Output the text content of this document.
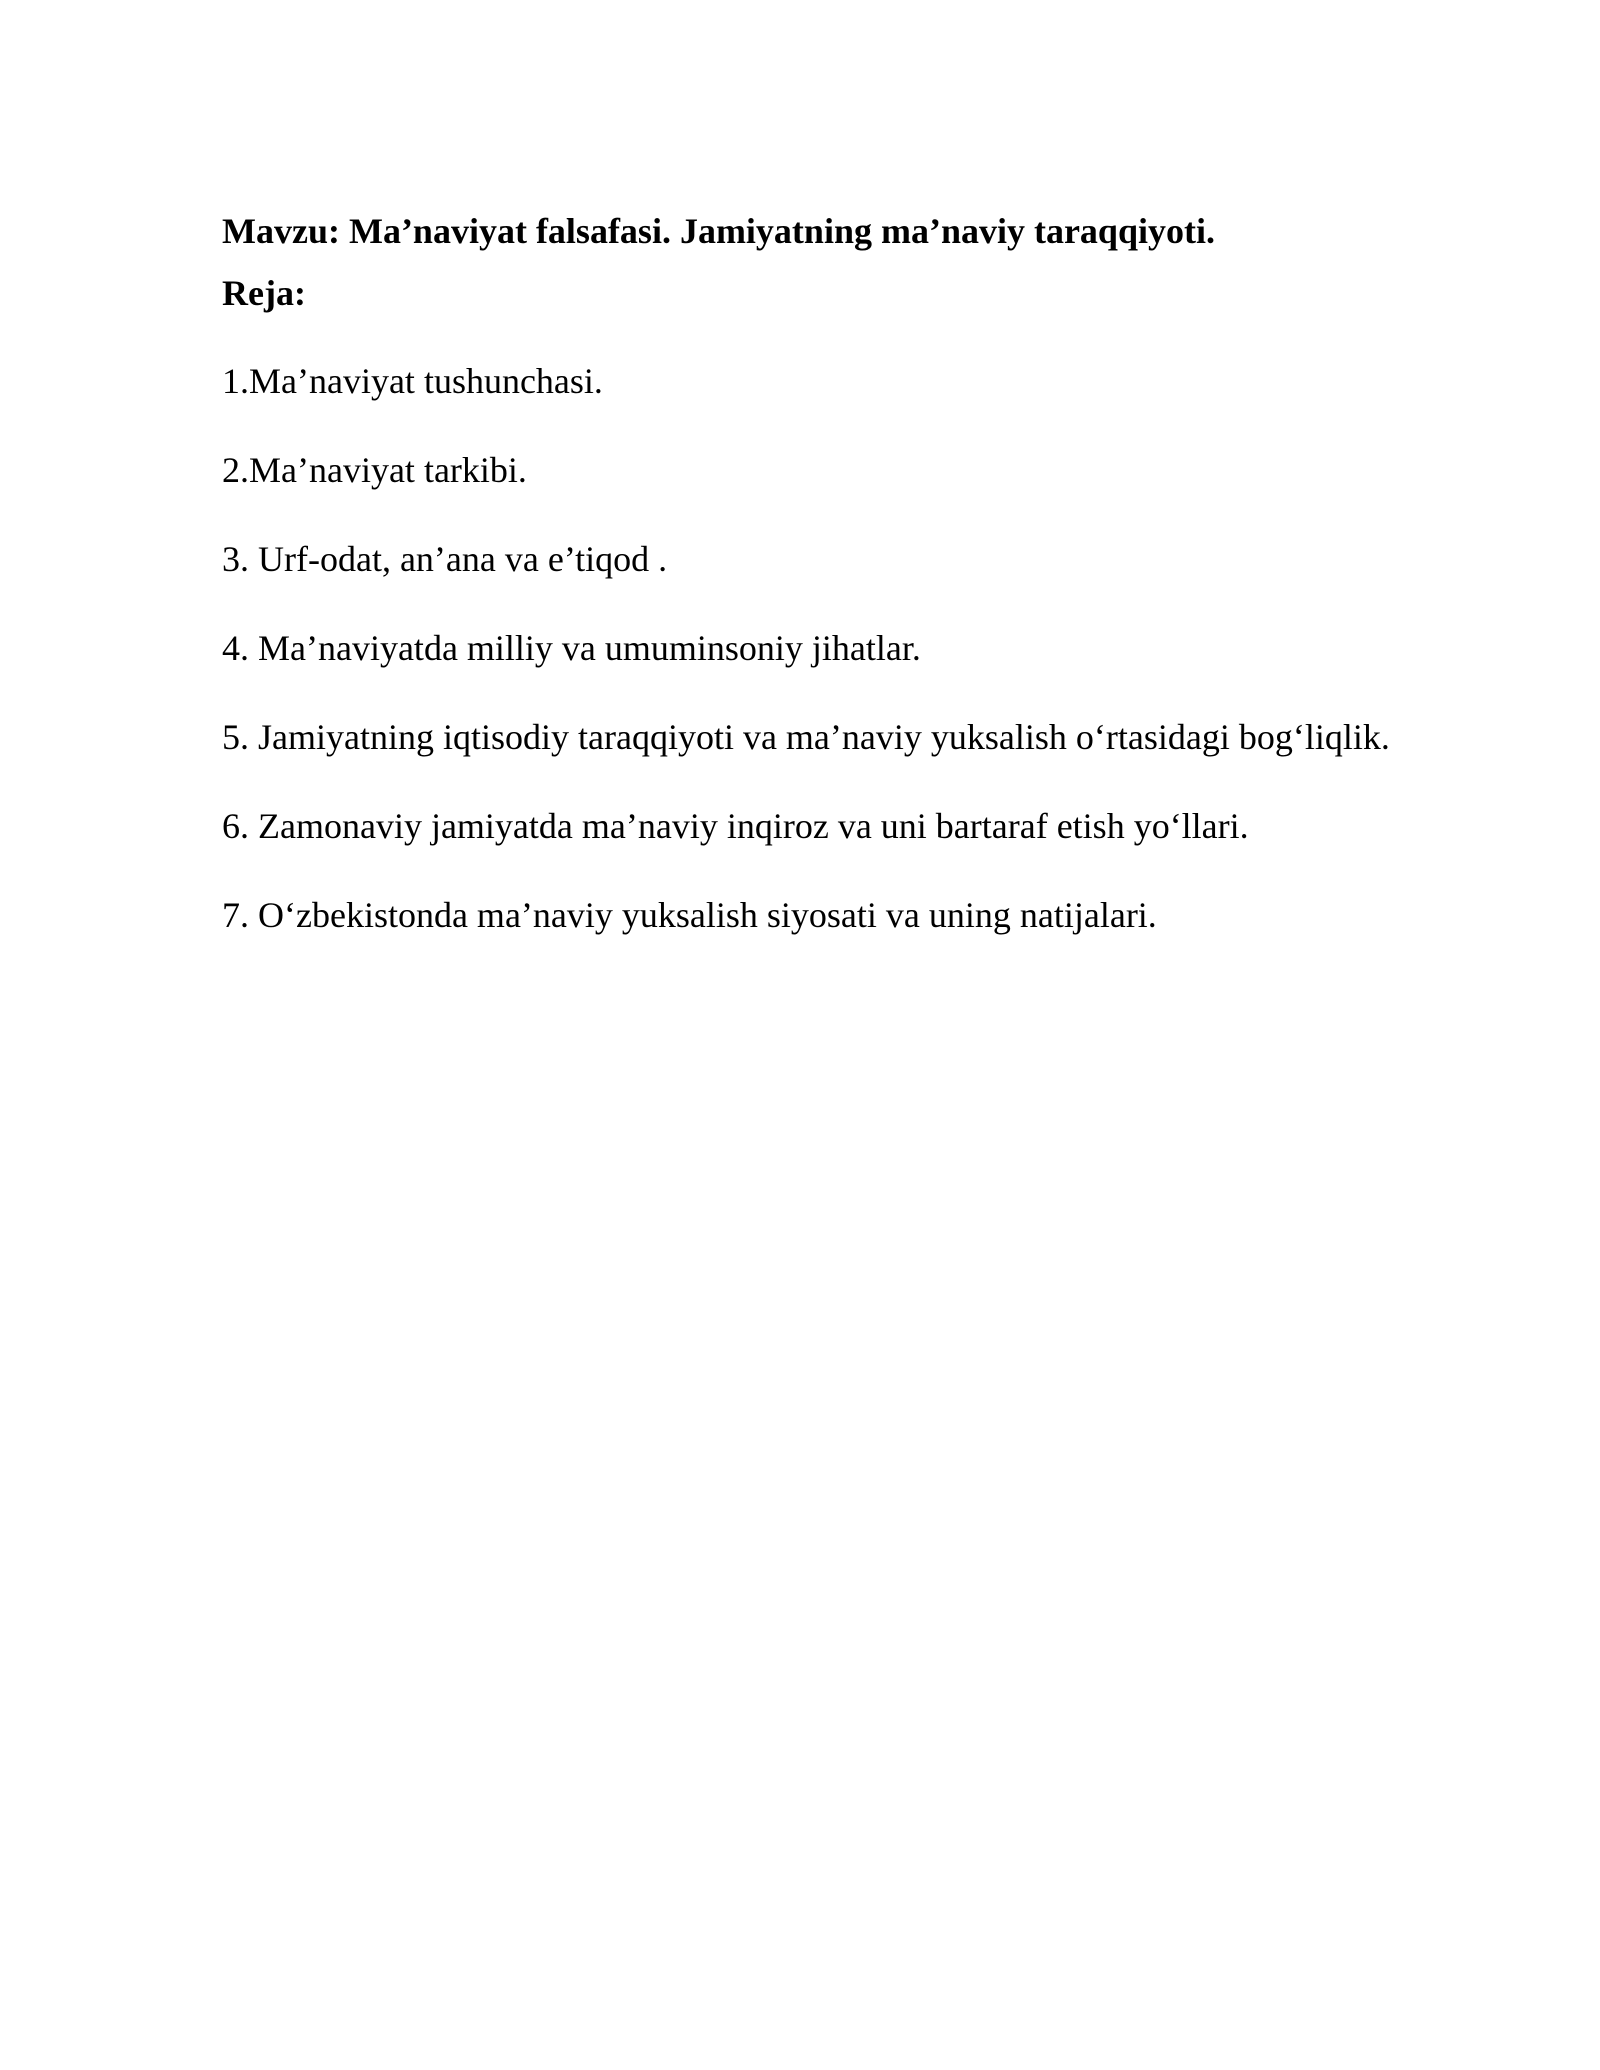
Mavzu: Ma’naviyat falsafasi. Jamiyatning ma’naviy taraqqiyoti.

Reja:

1.Ma’naviyat tushunchasi.
2.Ma’naviyat tarkibi.
3. Urf-odat, an’ana va e’tiqod .
4. Ma’naviyatda milliy va umuminsoniy jihatlar.
5. Jamiyatning iqtisodiy taraqqiyoti va ma’naviy yuksalish o‘rtasidagi bog‘liqlik.
6. Zamonaviy jamiyatda ma’naviy inqiroz va uni bartaraf etish yo‘llari.
7. O‘zbekistonda ma’naviy yuksalish siyosati va uning natijalari.
